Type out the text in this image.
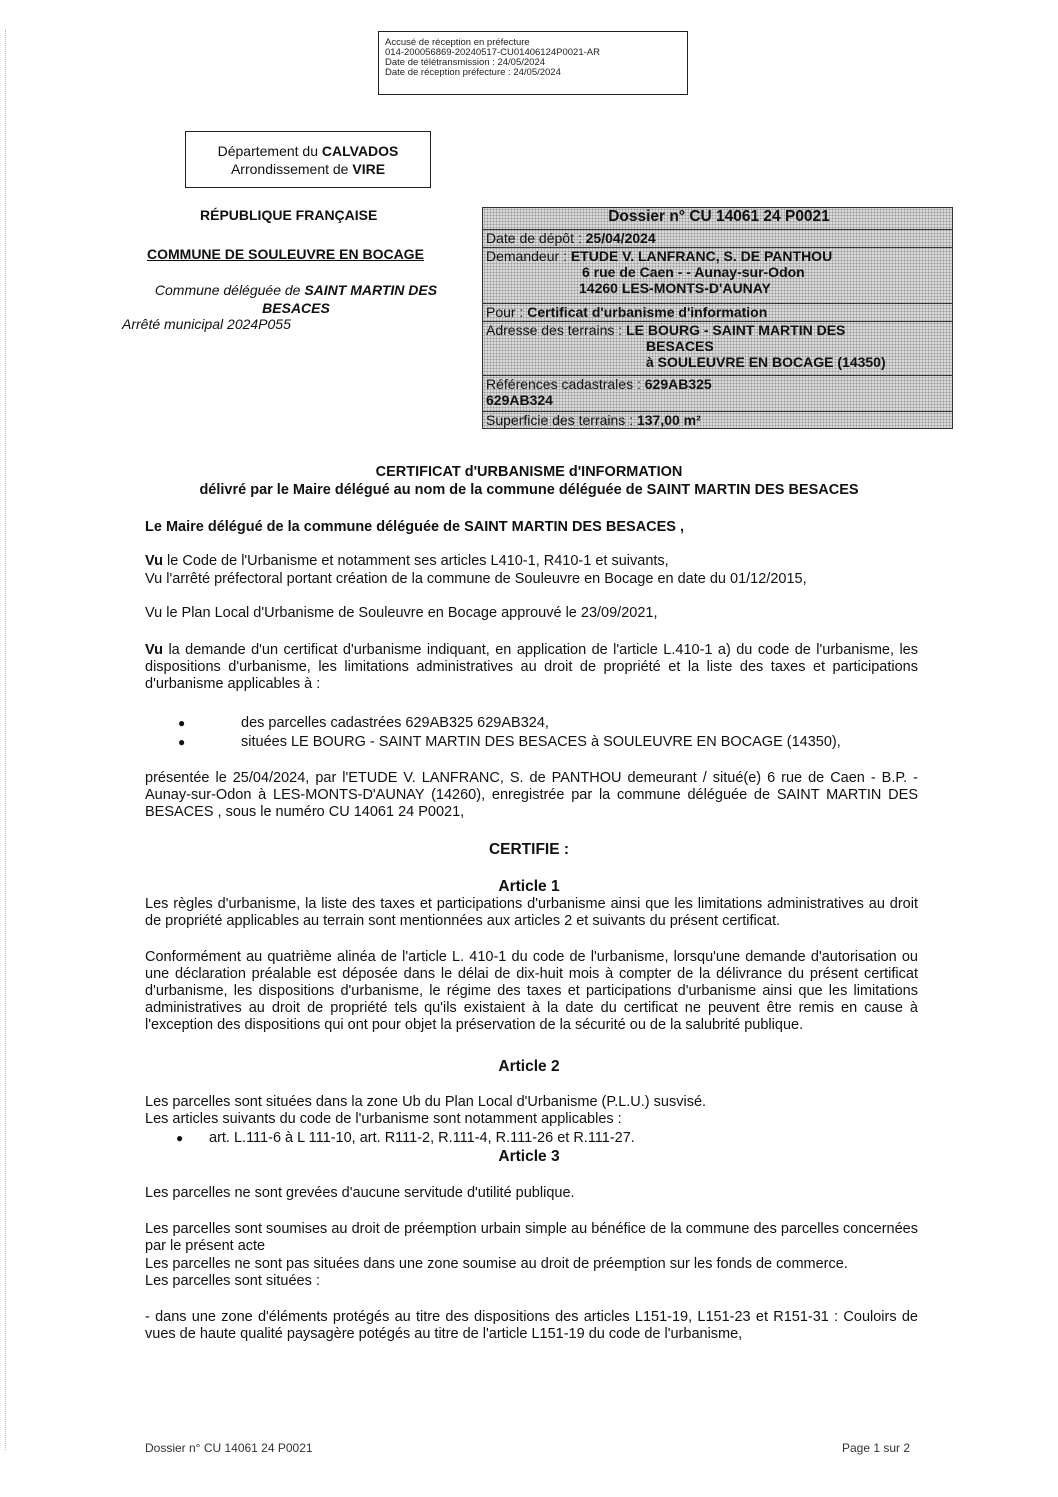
Accusé de réception en préfecture
014-200056869-20240517-CU01406124P0021-AR
Date de télétransmission : 24/05/2024
Date de réception préfecture : 24/05/2024
Département du CALVADOS
Arrondissement de VIRE
RÉPUBLIQUE FRANÇAISE
COMMUNE DE SOULEUVRE EN BOCAGE
Commune déléguée de SAINT MARTIN DES
BESACES
Arrêté municipal 2024P055
Dossier n° CU 14061 24 P0021
Date de dépôt : 25/04/2024
Demandeur : ETUDE V. LANFRANC, S. DE PANTHOU
6 rue de Caen - - Aunay-sur-Odon
14260 LES-MONTS-D'AUNAY
Pour : Certificat d'urbanisme d'information
Adresse des terrains : LE BOURG - SAINT MARTIN DES
BESACES
à SOULEUVRE EN BOCAGE (14350)
Références cadastrales : 629AB325
629AB324
Superficie des terrains : 137,00 m²
CERTIFICAT d'URBANISME d'INFORMATION
délivré par le Maire délégué au nom de la commune déléguée de SAINT MARTIN DES BESACES
Le Maire délégué de la commune déléguée de SAINT MARTIN DES BESACES ,
Vu le Code de l'Urbanisme et notamment ses articles L410-1, R410-1 et suivants,
Vu l'arrêté préfectoral portant création de la commune de Souleuvre en Bocage en date du 01/12/2015,
Vu le Plan Local d'Urbanisme de Souleuvre en Bocage approuvé le 23/09/2021,
Vu la demande d'un certificat d'urbanisme indiquant, en application de l'article L.410-1 a) du code de l'urbanisme, les dispositions d'urbanisme, les limitations administratives au droit de propriété et la liste des taxes et participations d'urbanisme applicables à :
●	des parcelles cadastrées 629AB325 629AB324,
●	situées LE BOURG - SAINT MARTIN DES BESACES à SOULEUVRE EN BOCAGE (14350),
présentée le 25/04/2024, par l'ETUDE V. LANFRANC, S. de PANTHOU demeurant / situé(e) 6 rue de Caen - B.P. - Aunay-sur-Odon à LES-MONTS-D'AUNAY (14260), enregistrée par la commune déléguée de SAINT MARTIN DES BESACES , sous le numéro CU 14061 24 P0021,
CERTIFIE :
Article 1
Les règles d'urbanisme, la liste des taxes et participations d'urbanisme ainsi que les limitations administratives au droit de propriété applicables au terrain sont mentionnées aux articles 2 et suivants du présent certificat.
Conformément au quatrième alinéa de l'article L. 410-1 du code de l'urbanisme, lorsqu'une demande d'autorisation ou une déclaration préalable est déposée dans le délai de dix-huit mois à compter de la délivrance du présent certificat d'urbanisme, les dispositions d'urbanisme, le régime des taxes et participations d'urbanisme ainsi que les limitations administratives au droit de propriété tels qu'ils existaient à la date du certificat ne peuvent être remis en cause à l'exception des dispositions qui ont pour objet la préservation de la sécurité ou de la salubrité publique.
Article 2
Les parcelles sont situées dans la zone Ub du Plan Local d'Urbanisme (P.L.U.) susvisé.
Les articles suivants du code de l'urbanisme sont notamment applicables :
● art. L.111-6 à L 111-10, art. R111-2, R.111-4, R.111-26 et R.111-27.
Article 3
Les parcelles ne sont grevées d'aucune servitude d'utilité publique.
Les parcelles sont soumises au droit de préemption urbain simple au bénéfice de la commune des parcelles concernées par le présent acte
Les parcelles ne sont pas situées dans une zone soumise au droit de préemption sur les fonds de commerce.
Les parcelles sont situées :
- dans une zone d'éléments protégés au titre des dispositions des articles L151-19, L151-23 et R151-31 : Couloirs de vues de haute qualité paysagère potégés au titre de l'article L151-19 du code de l'urbanisme,
Dossier n° CU 14061 24 P0021	Page 1 sur 2
